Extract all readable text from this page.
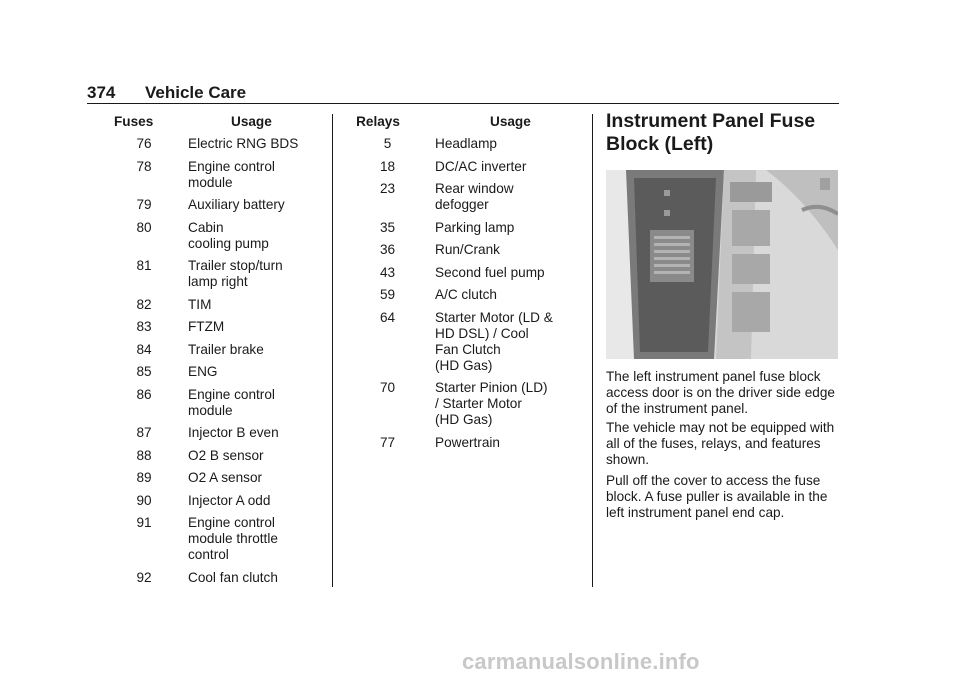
374 Vehicle Care
Fuses	Usage
76	Electric RNG BDS
78	Engine control
module
79	Auxiliary battery
80	Cabin
cooling pump
81	Trailer stop/turn
lamp right
82	TIM
83	FTZM
84	Trailer brake
85	ENG
86	Engine control
module
87	Injector B even
88	O2 B sensor
89	O2 A sensor
90	Injector A odd
91	Engine control
module throttle
control
92	Cool fan clutch
Relays	Usage
5	Headlamp
18	DC/AC inverter
23	Rear window
defogger
35	Parking lamp
36	Run/Crank
43	Second fuel pump
59	A/C clutch
64	Starter Motor (LD &
HD DSL) / Cool
Fan Clutch
(HD Gas)
70	Starter Pinion (LD)
/ Starter Motor
(HD Gas)
77	Powertrain
Instrument Panel Fuse
Block (Left)

The left instrument panel fuse block access door is on the driver side edge of the instrument panel.

The vehicle may not be equipped with all of the fuses, relays, and features shown.

Pull off the cover to access the fuse block. A fuse puller is available in the left instrument panel end cap.

carmanualsonline.info
